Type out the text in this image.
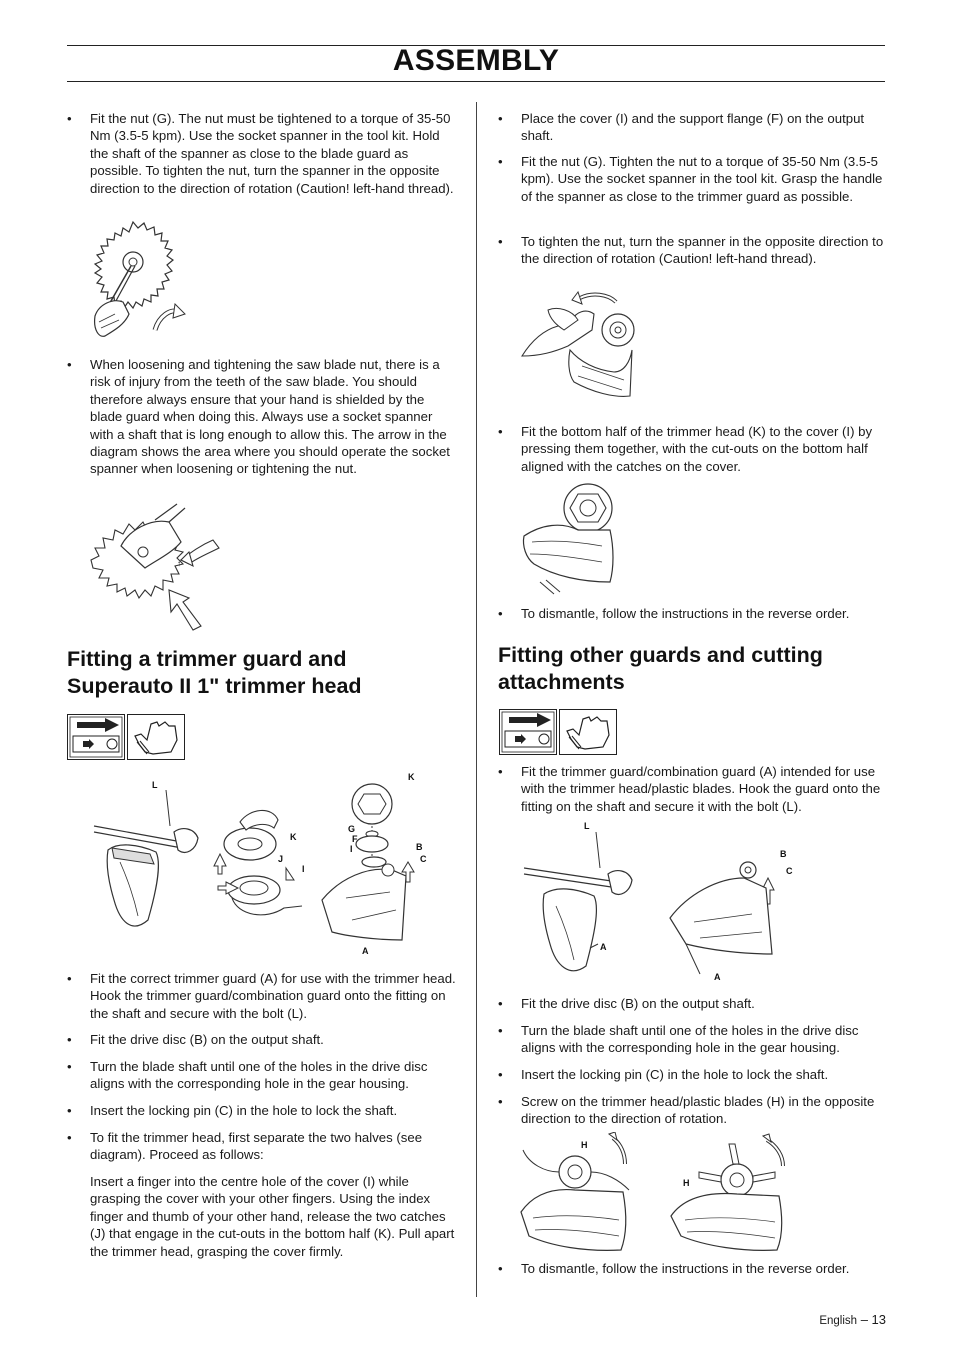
ASSEMBLY
• Fit the nut (G). The nut must be tightened to a torque of 35-50 Nm (3.5-5 kpm). Use the socket spanner in the tool kit. Hold the shaft of the spanner as close to the blade guard as possible. To tighten the nut, turn the spanner in the opposite direction to the direction of rotation (Caution! left-hand thread).
• When loosening and tightening the saw blade nut, there is a risk of injury from the teeth of the saw blade. You should therefore always ensure that your hand is shielded by the blade guard when doing this. Always use a socket spanner with a shaft that is long enough to allow this. The arrow in the diagram shows the area where you should operate the socket spanner when loosening or tightening the nut.
↑
Fitting a trimmer guard and Superauto II 1" trimmer head
L
K
J
I
K
G
F
I	B
C
A
• Fit the correct trimmer guard (A) for use with the trimmer head. Hook the trimmer guard/combination guard onto the fitting on the shaft and secure with the bolt (L).
• Fit the drive disc (B) on the output shaft.
• Turn the blade shaft until one of the holes in the drive disc aligns with the corresponding hole in the gear housing.
• Insert the locking pin (C) in the hole to lock the shaft.
• To fit the trimmer head, first separate the two halves (see diagram). Proceed as follows:
Insert a finger into the centre hole of the cover (I) while grasping the cover with your other fingers. Using the index finger and thumb of your other hand, release the two catches (J) that engage in the cut-outs in the bottom half (K). Pull apart the trimmer head, grasping the cover firmly.
• Place the cover (I) and the support flange (F) on the output shaft.
• Fit the nut (G). Tighten the nut to a torque of 35-50 Nm (3.5-5 kpm). Use the socket spanner in the tool kit. Grasp the handle of the spanner as close to the trimmer guard as possible.
• To tighten the nut, turn the spanner in the opposite direction to the direction of rotation (Caution! left-hand thread).
• Fit the bottom half of the trimmer head (K) to the cover (I) by pressing them together, with the cut-outs on the bottom half aligned with the catches on the cover.
• To dismantle, follow the instructions in the reverse order.
Fitting other guards and cutting attachments
• Fit the trimmer guard/combination guard (A) intended for use with the trimmer head/plastic blades. Hook the guard onto the fitting on the shaft and secure it with the bolt (L).
L
A
B
C
A
• Fit the drive disc (B) on the output shaft.
• Turn the blade shaft until one of the holes in the drive disc aligns with the corresponding hole in the gear housing.
• Insert the locking pin (C) in the hole to lock the shaft.
• Screw on the trimmer head/plastic blades (H) in the opposite direction to the direction of rotation.
H
H
• To dismantle, follow the instructions in the reverse order.
English – 13
